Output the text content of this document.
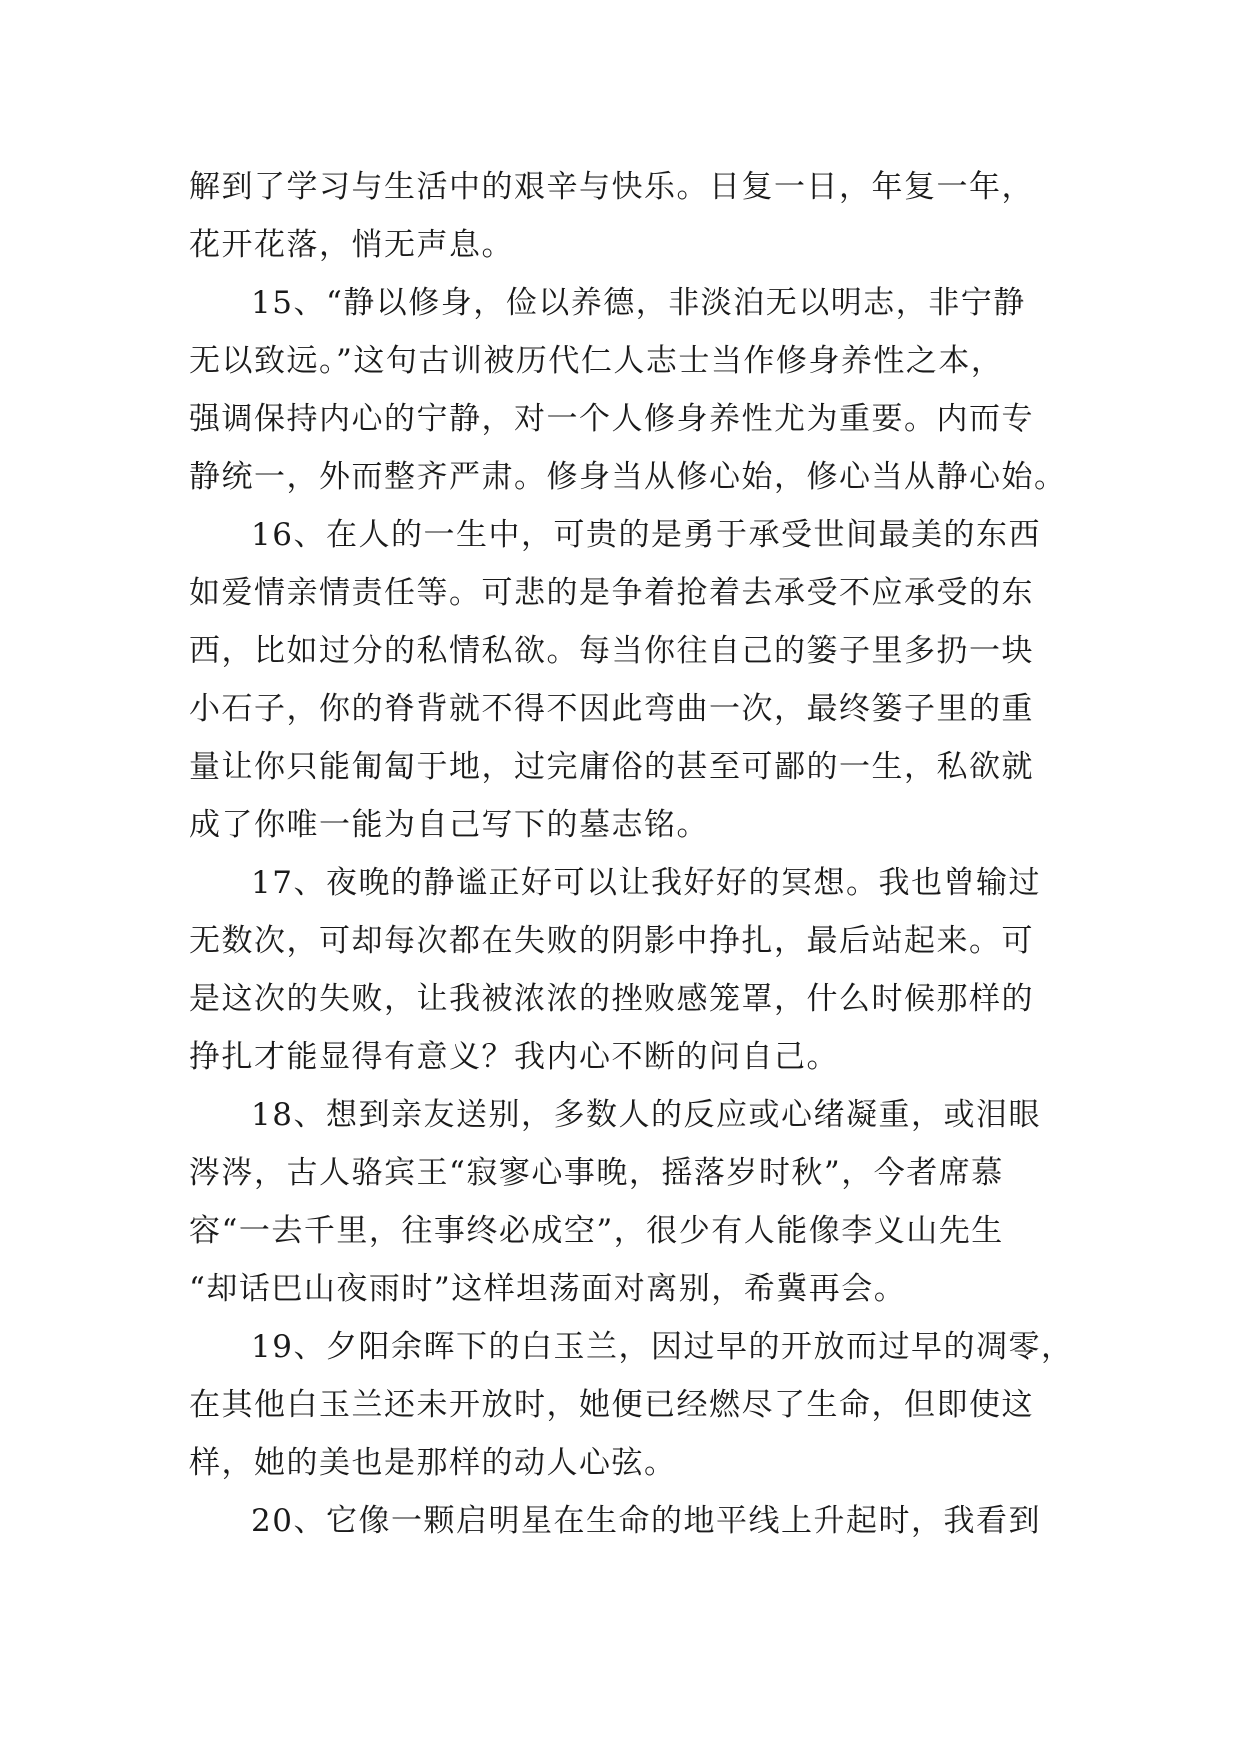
解到了学习与生活中的艰辛与快乐。日复一日，年复一年，
花开花落，悄无声息。
15、“静以修身，俭以养德，非淡泊无以明志，非宁静
无以致远。”这句古训被历代仁人志士当作修身养性之本，
强调保持内心的宁静，对一个人修身养性尤为重要。内而专
静统一，外而整齐严肃。修身当从修心始，修心当从静心始。
16、在人的一生中，可贵的是勇于承受世间最美的东西
如爱情亲情责任等。可悲的是争着抢着去承受不应承受的东
西，比如过分的私情私欲。每当你往自己的篓子里多扔一块
小石子，你的脊背就不得不因此弯曲一次，最终篓子里的重
量让你只能匍匐于地，过完庸俗的甚至可鄙的一生，私欲就
成了你唯一能为自己写下的墓志铭。
17、夜晚的静谧正好可以让我好好的冥想。我也曾输过
无数次，可却每次都在失败的阴影中挣扎，最后站起来。可
是这次的失败，让我被浓浓的挫败感笼罩，什么时候那样的
挣扎才能显得有意义？我内心不断的问自己。
18、想到亲友送别，多数人的反应或心绪凝重，或泪眼
涔涔，古人骆宾王“寂寥心事晚，摇落岁时秋”，今者席慕
容“一去千里，往事终必成空”，很少有人能像李义山先生
“却话巴山夜雨时”这样坦荡面对离别，希冀再会。
19、夕阳余晖下的白玉兰，因过早的开放而过早的凋零，
在其他白玉兰还未开放时，她便已经燃尽了生命，但即使这
样，她的美也是那样的动人心弦。
20、它像一颗启明星在生命的地平线上升起时，我看到
